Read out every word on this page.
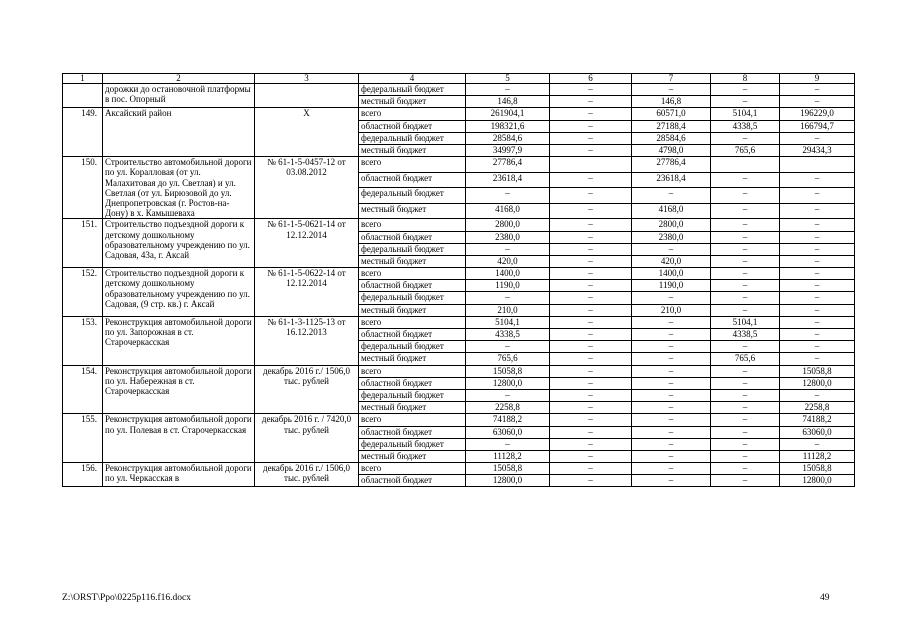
1	2	3	4	5	6	7	8	9
	дорожки до остановочной платформы в пос. Опорный		федеральный бюджет	–	–	–	–	–
			местный бюджет	146,8	–	146,8	–	–
149.	Аксайский район	Х	всего	261904,1	–	60571,0	5104,1	196229,0
			областной бюджет	198321,6	–	27188,4	4338,5	166794,7
			федеральный бюджет	28584,6	–	28584,6	–	–
			местный бюджет	34997,9	–	4798,0	765,6	29434,3
150.	Строительство автомобильной дороги по ул. Коралловая (от ул. Малахитовая до ул. Светлая) и ул. Светлая (от ул. Бирюзовой до ул. Днепропетровская (г. Ростов-на-Дону) в х. Камышеваха	№ 61-1-5-0457-12 от 03.08.2012	всего	27786,4		27786,4		
			областной бюджет	23618,4	–	23618,4	–	–
			федеральный бюджет	–	–	–	–	–
			местный бюджет	4168,0	–	4168,0	–	–
151.	Строительство подъездной дороги к детскому дошкольному образовательному учреждению по ул. Садовая, 43а, г. Аксай	№ 61-1-5-0621-14 от 12.12.2014	всего	2800,0	–	2800,0	–	–
			областной бюджет	2380,0	–	2380,0	–	–
			федеральный бюджет	–	–	–	–	–
			местный бюджет	420,0	–	420,0	–	–
152.	Строительство подъездной дороги к детскому дошкольному образовательному учреждению по ул. Садовая, (9 стр. кв.) г. Аксай	№ 61-1-5-0622-14 от 12.12.2014	всего	1400,0	–	1400,0	–	–
			областной бюджет	1190,0	–	1190,0	–	–
			федеральный бюджет	–	–	–	–	–
			местный бюджет	210,0	–	210,0	–	–
153.	Реконструкция автомобильной дороги по ул. Запорожная в ст. Старочеркасская	№ 61-1-3-1125-13 от 16.12.2013	всего	5104,1	–	–	5104,1	–
			областной бюджет	4338,5	–	–	4338,5	–
			федеральный бюджет	–	–	–	–	–
			местный бюджет	765,6	–	–	765,6	–
154.	Реконструкция автомобильной дороги по ул. Набережная в ст. Старочеркасская	декабрь 2016 г./ 1506,0 тыс. рублей	всего	15058,8	–	–	–	15058,8
			областной бюджет	12800,0	–	–	–	12800,0
			федеральный бюджет	–	–	–	–	–
			местный бюджет	2258,8	–	–	–	2258,8
155.	Реконструкция автомобильной дороги по ул. Полевая в ст. Старочеркасская	декабрь 2016 г. / 7420,0 тыс. рублей	всего	74188,2	–	–	–	74188,2
			областной бюджет	63060,0	–	–	–	63060,0
			федеральный бюджет	–	–	–	–	–
			местный бюджет	11128,2	–	–	–	11128,2
156.	Реконструкция автомобильной дороги по ул. Черкасская в	декабрь 2016 г./ 1506,0 тыс. рублей	всего	15058,8	–	–	–	15058,8
			областной бюджет	12800,0	–	–	–	12800,0
Z:\ORST\Ppo\0225p116.f16.docx	49
